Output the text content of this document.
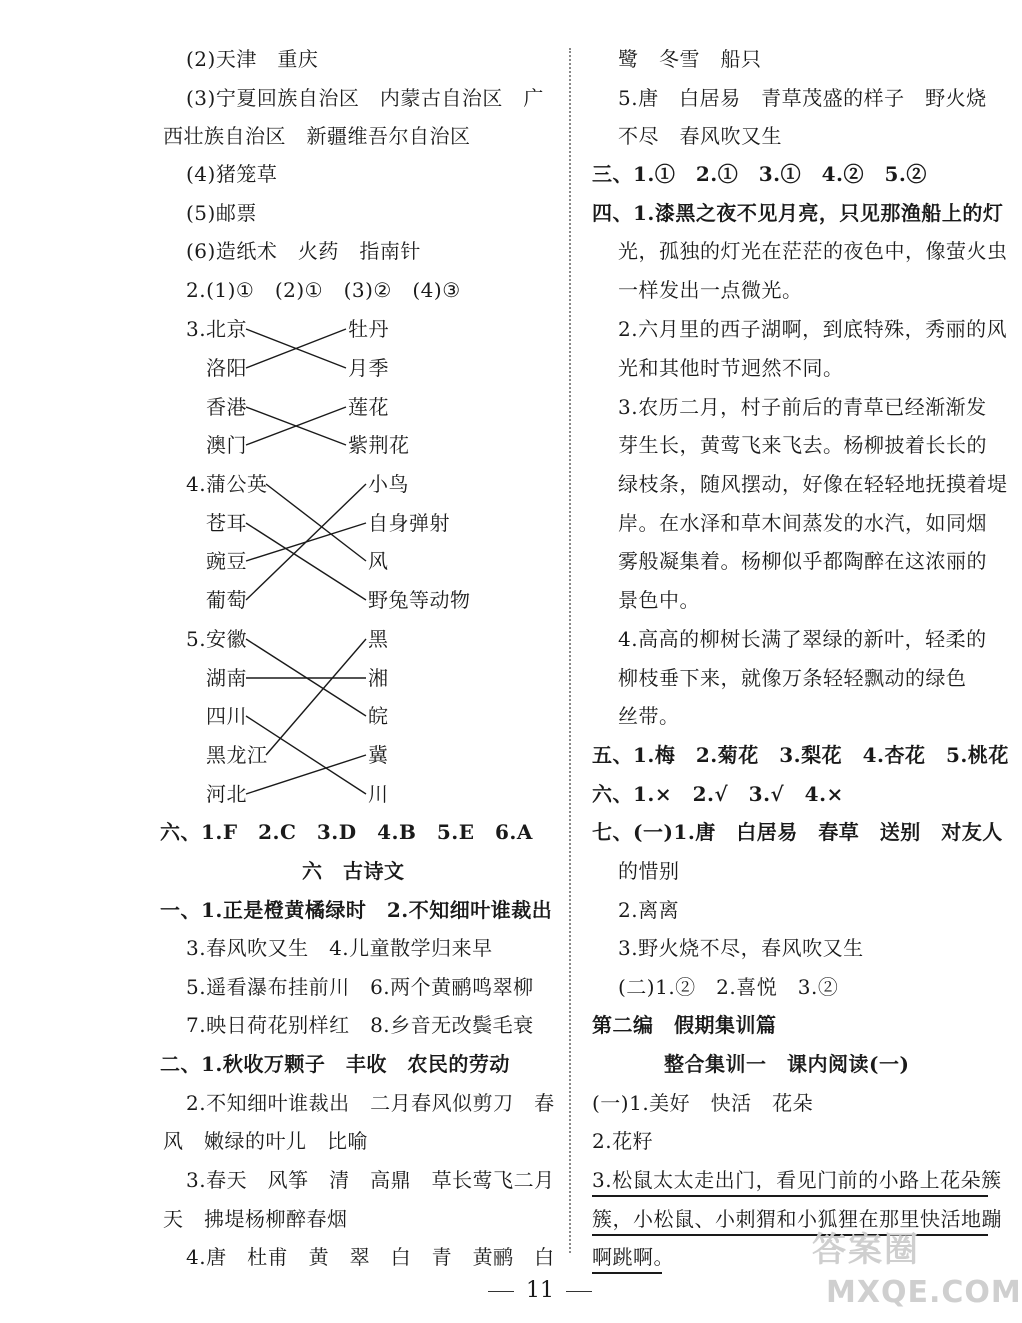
(2)天津　重庆
(3)宁夏回族自治区　内蒙古自治区　广
西壮族自治区　新疆维吾尔自治区
(4)猪笼草
(5)邮票
(6)造纸术　火药　指南针
2.(1)①　(2)①　(3)②　(4)③
3. 北京
洛阳
香港
澳门
牡丹
月季
莲花
紫荆花
4. 蒲公英
苍耳
豌豆
葡萄
小鸟
自身弹射
风
野兔等动物
5. 安徽
湖南
四川
黑龙江
河北
黑
湘
皖
冀
川
六、1.F　2.C　3.D　4.B　5.E　6.A
六　古诗文
一、1.正是橙黄橘绿时　2.不知细叶谁裁出
3.春风吹又生　4.儿童散学归来早
5.遥看瀑布挂前川　6.两个黄鹂鸣翠柳
7.映日荷花别样红　8.乡音无改鬓毛衰
二、1.秋收万颗子　丰收　农民的劳动
2.不知细叶谁裁出　二月春风似剪刀　春
风　嫩绿的叶儿　比喻
3.春天　风筝　清　高鼎　草长莺飞二月
天　拂堤杨柳醉春烟
4.唐　杜甫　黄　翠　白　青　黄鹂　白
鹭　冬雪　船只
5.唐　白居易　青草茂盛的样子　野火烧
不尽　春风吹又生
三、1.①　2.①　3.①　4.②　5.②
四、1.漆黑之夜不见月亮，只见那渔船上的灯
光，孤独的灯光在茫茫的夜色中，像萤火虫
一样发出一点微光。
2.六月里的西子湖啊，到底特殊，秀丽的风
光和其他时节迥然不同。
3.农历二月，村子前后的青草已经渐渐发
芽生长，黄莺飞来飞去。杨柳披着长长的
绿枝条，随风摆动，好像在轻轻地抚摸着堤
岸。在水泽和草木间蒸发的水汽，如同烟
雾般凝集着。杨柳似乎都陶醉在这浓丽的
景色中。
4.高高的柳树长满了翠绿的新叶，轻柔的
柳枝垂下来，就像万条轻轻飘动的绿色
丝带。
五、1.梅　2.菊花　3.梨花　4.杏花　5.桃花
六、1.×　2.√　3.√　4.×
七、(一)1.唐　白居易　春草　送别　对友人
的惜别
2.离离
3.野火烧不尽，春风吹又生
(二)1.②　2.喜悦　3.②
第二编　假期集训篇
整合集训一　课内阅读(一)
(一)1.美好　快活　花朵
2.花籽
3.松鼠太太走出门，看见门前的小路上花朵簇
簇，小松鼠、小刺猬和小狐狸在那里快活地蹦
啊跳啊。
11
答案圈
MXQE.COM
